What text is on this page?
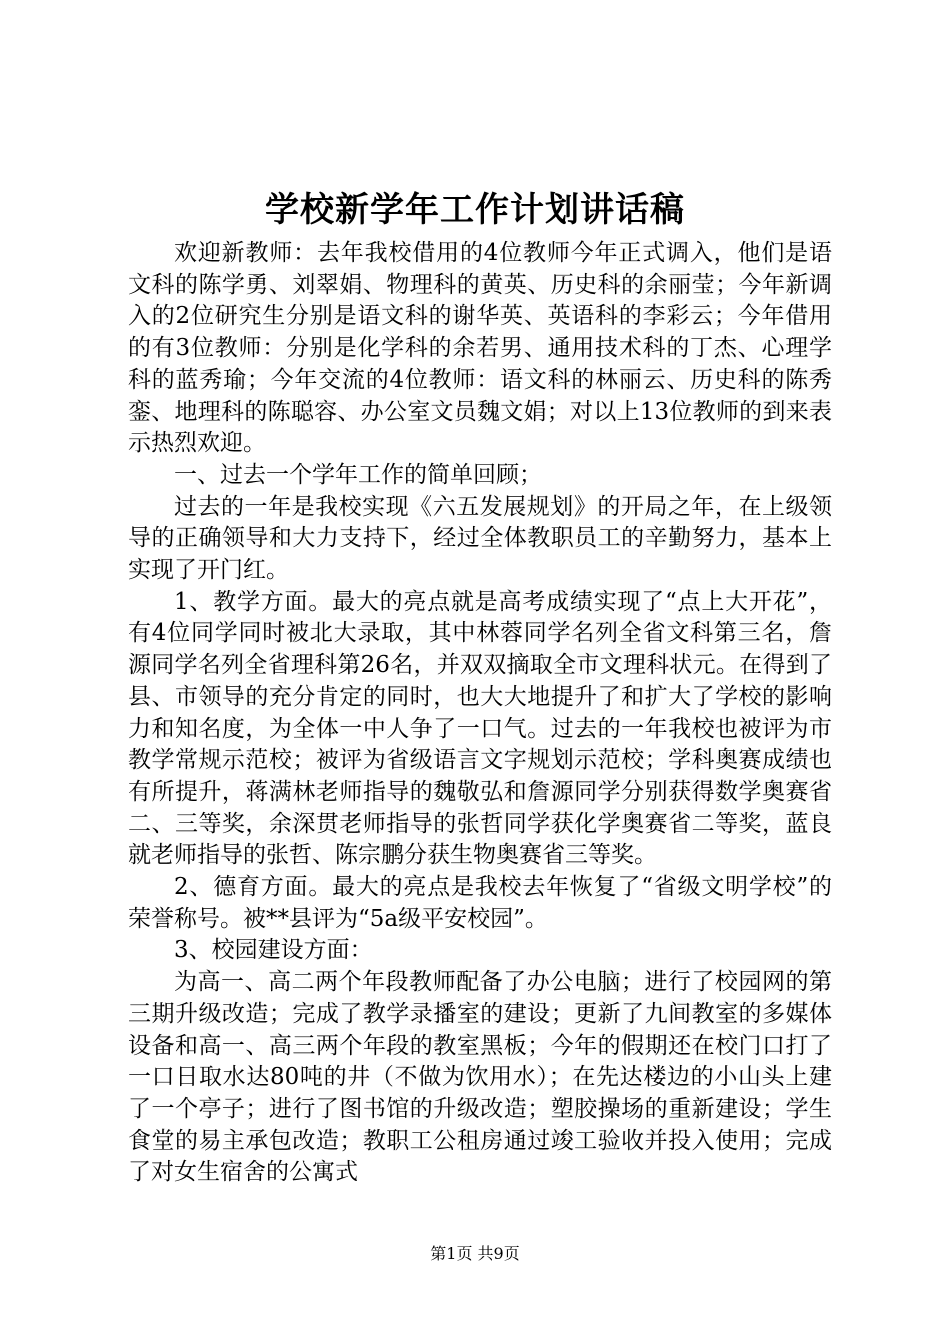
学校新学年工作计划讲话稿

欢迎新教师：去年我校借用的4位教师今年正式调入，他们是语文科的陈学勇、刘翠娟、物理科的黄英、历史科的余丽莹；今年新调入的2位研究生分别是语文科的谢华英、英语科的李彩云；今年借用的有3位教师：分别是化学科的余若男、通用技术科的丁杰、心理学科的蓝秀瑜；今年交流的4位教师：语文科的林丽云、历史科的陈秀銮、地理科的陈聪容、办公室文员魏文娟；对以上13位教师的到来表示热烈欢迎。

一、过去一个学年工作的简单回顾；

过去的一年是我校实现《六五发展规划》的开局之年，在上级领导的正确领导和大力支持下，经过全体教职员工的辛勤努力，基本上实现了开门红。

1、教学方面。最大的亮点就是高考成绩实现了“点上大开花”，有4位同学同时被北大录取，其中林蓉同学名列全省文科第三名，詹源同学名列全省理科第26名，并双双摘取全市文理科状元。在得到了县、市领导的充分肯定的同时，也大大地提升了和扩大了学校的影响力和知名度，为全体一中人争了一口气。过去的一年我校也被评为市教学常规示范校；被评为省级语言文字规划示范校；学科奥赛成绩也有所提升，蒋满林老师指导的魏敬弘和詹源同学分别获得数学奥赛省二、三等奖，余深贯老师指导的张哲同学获化学奥赛省二等奖，蓝良就老师指导的张哲、陈宗鹏分获生物奥赛省三等奖。

2、德育方面。最大的亮点是我校去年恢复了“省级文明学校”的荣誉称号。被**县评为“5a级平安校园”。

3、校园建设方面：

为高一、高二两个年段教师配备了办公电脑；进行了校园网的第三期升级改造；完成了教学录播室的建设；更新了九间教室的多媒体设备和高一、高三两个年段的教室黑板；今年的假期还在校门口打了一口日取水达80吨的井（不做为饮用水）；在先达楼边的小山头上建了一个亭子；进行了图书馆的升级改造；塑胶操场的重新建设；学生食堂的易主承包改造；教职工公租房通过竣工验收并投入使用；完成了对女生宿舍的公寓式

第1页 共9页
